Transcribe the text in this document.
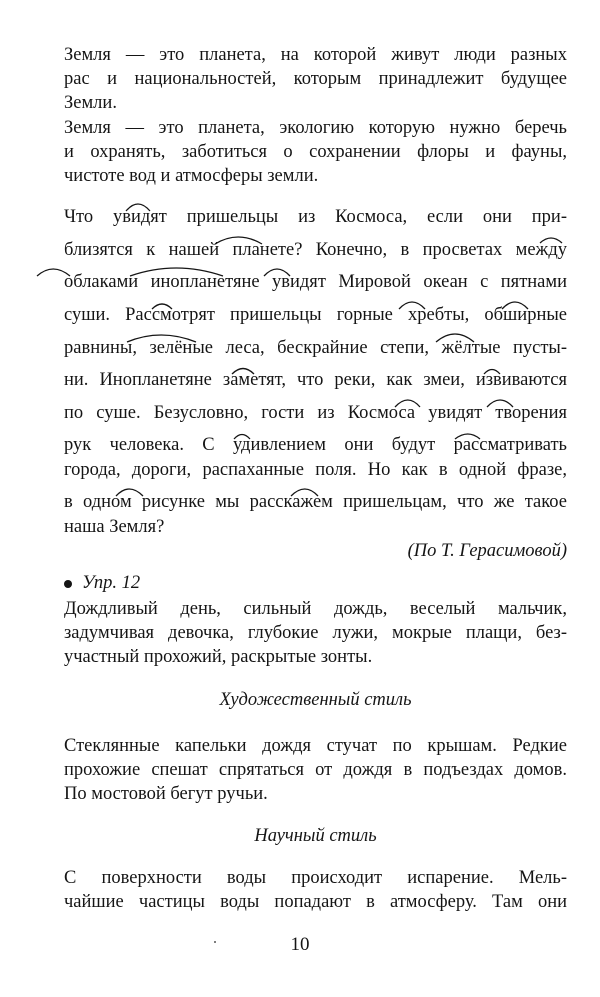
Земля — это планета, на которой живут люди разных
рас и национальностей, которым принадлежит будущее
Земли.
Земля — это планета, экологию которую нужно беречь
и охранять, заботиться о сохранении флоры и фауны,
чистоте вод и атмосферы земли.
Что увидят пришельцы из Космоса, если они при-
близятся к нашей планете? Конечно, в просветах между
облаками инопланетяне увидят Мировой океан с пятнами
суши. Рассмотрят пришельцы горные хребты, обширные
равнины, зелёные леса, бескрайние степи, жёлтые пусты-
ни. Инопланетяне заметят, что реки, как змеи, извиваются
по суше. Безусловно, гости из Космоса увидят творения
рук человека. С удивлением они будут рассматривать
города, дороги, распаханные поля. Но как в одной фразе,
в одном рисунке мы расскажем пришельцам, что же такое
наша Земля?
(По Т. Герасимовой)
Упр. 12
Дождливый день, сильный дождь, веселый мальчик,
задумчивая девочка, глубокие лужи, мокрые плащи, без-
участный прохожий, раскрытые зонты.
Художественный стиль
Стеклянные капельки дождя стучат по крышам. Редкие
прохожие спешат спрятаться от дождя в подъездах домов.
По мостовой бегут ручьи.
Научный стиль
С поверхности воды происходит испарение. Мель-
чайшие частицы воды попадают в атмосферу. Там они
10
